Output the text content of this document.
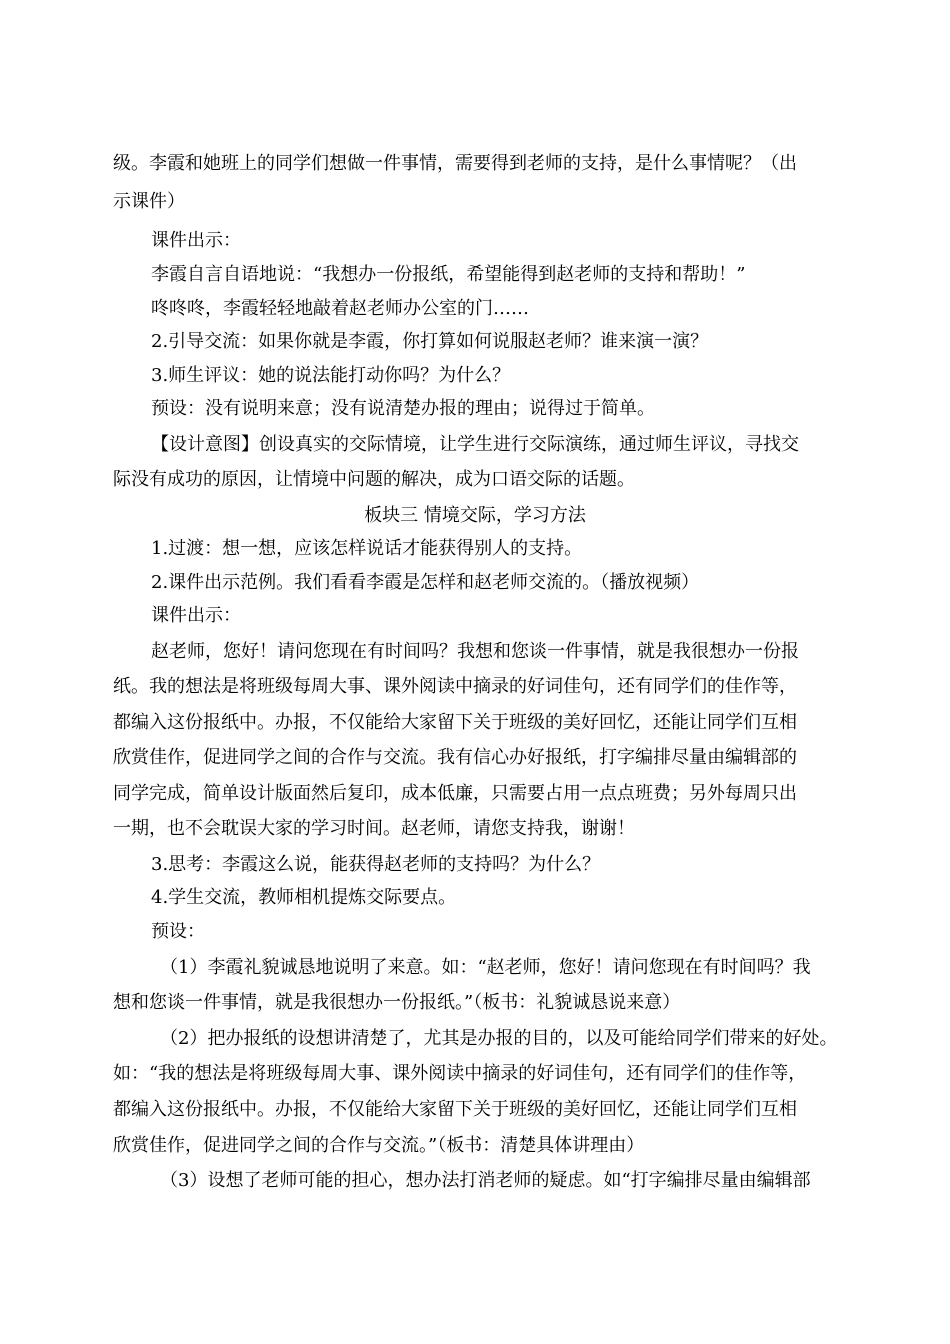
级。李霞和她班上的同学们想做一件事情，需要得到老师的支持，是什么事情呢？（出
示课件）
课件出示：
李霞自言自语地说：“我想办一份报纸，希望能得到赵老师的支持和帮助！”
咚咚咚，李霞轻轻地敲着赵老师办公室的门……
2.引导交流：如果你就是李霞，你打算如何说服赵老师？谁来演一演？
3.师生评议：她的说法能打动你吗？为什么？
预设：没有说明来意；没有说清楚办报的理由；说得过于简单。
【设计意图】创设真实的交际情境，让学生进行交际演练，通过师生评议，寻找交
际没有成功的原因，让情境中问题的解决，成为口语交际的话题。
板块三 情境交际，学习方法
1.过渡：想一想，应该怎样说话才能获得别人的支持。
2.课件出示范例。我们看看李霞是怎样和赵老师交流的。（播放视频）
课件出示：
赵老师，您好！请问您现在有时间吗？我想和您谈一件事情，就是我很想办一份报
纸。我的想法是将班级每周大事、课外阅读中摘录的好词佳句，还有同学们的佳作等，
都编入这份报纸中。办报，不仅能给大家留下关于班级的美好回忆，还能让同学们互相
欣赏佳作，促进同学之间的合作与交流。我有信心办好报纸，打字编排尽量由编辑部的
同学完成，简单设计版面然后复印，成本低廉，只需要占用一点点班费；另外每周只出
一期，也不会耽误大家的学习时间。赵老师，请您支持我，谢谢！
3.思考：李霞这么说，能获得赵老师的支持吗？为什么？
4.学生交流，教师相机提炼交际要点。
预设：
（1）李霞礼貌诚恳地说明了来意。如：“赵老师，您好！请问您现在有时间吗？我
想和您谈一件事情，就是我很想办一份报纸。”（板书：礼貌诚恳说来意）
（2）把办报纸的设想讲清楚了，尤其是办报的目的，以及可能给同学们带来的好处。
如：“我的想法是将班级每周大事、课外阅读中摘录的好词佳句，还有同学们的佳作等，
都编入这份报纸中。办报，不仅能给大家留下关于班级的美好回忆，还能让同学们互相
欣赏佳作，促进同学之间的合作与交流。”（板书：清楚具体讲理由）
（3）设想了老师可能的担心，想办法打消老师的疑虑。如“打字编排尽量由编辑部
